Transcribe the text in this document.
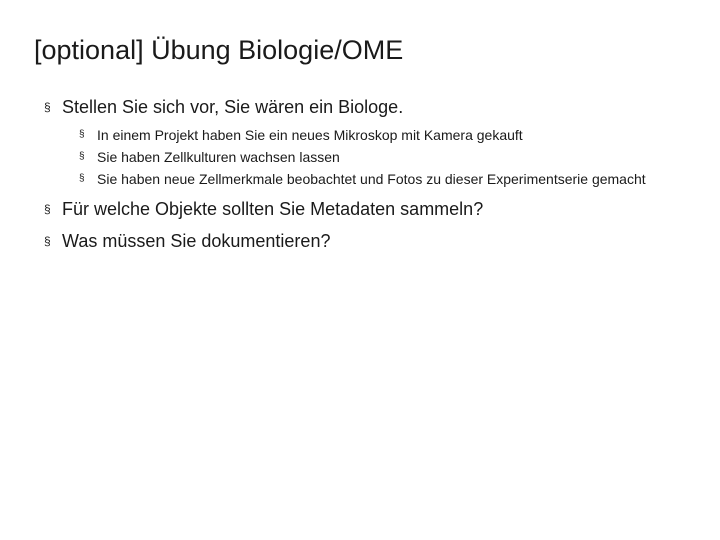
[optional] Übung Biologie/OME
§ Stellen Sie sich vor, Sie wären ein Biologe.
§ In einem Projekt haben Sie ein neues Mikroskop mit Kamera gekauft
§ Sie haben Zellkulturen wachsen lassen
§ Sie haben neue Zellmerkmale beobachtet und Fotos zu dieser Experimentserie gemacht
§ Für welche Objekte sollten Sie Metadaten sammeln?
§ Was müssen Sie dokumentieren?
